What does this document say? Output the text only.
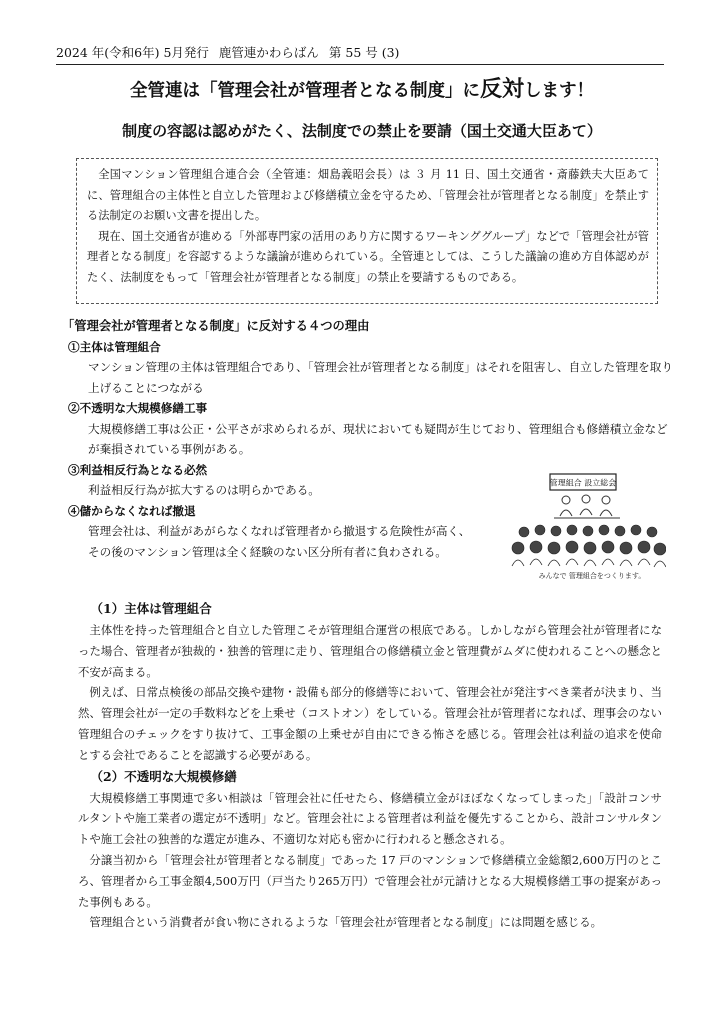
2024 年(令和6年) 5月発行 鹿管連かわらばん 第 55 号 (3)
全管連は「管理会社が管理者となる制度」に反対します！
制度の容認は認めがたく、法制度での禁止を要請（国土交通大臣あて）

全国マンション管理組合連合会（全管連：畑島義昭会長）は ３ 月 11 日、国土交通省・斎藤鉄夫大臣あてに、管理組合の主体性と自立した管理および修繕積立金を守るため、「管理会社が管理者となる制度」を禁止する法制定のお願い文書を提出した。

現在、国土交通省が進める「外部専門家の活用のあり方に関するワーキンググループ」などで「管理会社が管理者となる制度」を容認するような議論が進められている。全管連としては、こうした議論の進め方自体認めがたく、法制度をもって「管理会社が管理者となる制度」の禁止を要請するものである。

「管理会社が管理者となる制度」に反対する４つの理由

①主体は管理組合

マンション管理の主体は管理組合であり、「管理会社が管理者となる制度」はそれを阻害し、自立した管理を取り上げることにつながる

②不透明な大規模修繕工事

大規模修繕工事は公正・公平さが求められるが、現状においても疑問が生じており、管理組合も修繕積立金などが棄損されている事例がある。

③利益相反行為となる必然

利益相反行為が拡大するのは明らかである。

④儲からなくなれば撤退

管理会社は、利益があがらなくなれば管理者から撤退する危険性が高く、その後のマンション管理は全く経験のない区分所有者に負わされる。

管理組合 設立総会
みんなで 管理組合をつくります。

（1）主体は管理組合

主体性を持った管理組合と自立した管理こそが管理組合運営の根底である。しかしながら管理会社が管理者になった場合、管理者が独裁的・独善的管理に走り、管理組合の修繕積立金と管理費がムダに使われることへの懸念と不安が高まる。

例えば、日常点検後の部品交換や建物・設備も部分的修繕等において、管理会社が発注すべき業者が決まり、当然、管理会社が一定の手数料などを上乗せ（コストオン）をしている。管理会社が管理者になれば、理事会のない管理組合のチェックをすり抜けて、工事金額の上乗せが自由にできる怖さを感じる。管理会社は利益の追求を使命とする会社であることを認識する必要がある。

（2）不透明な大規模修繕

大規模修繕工事関連で多い相談は「管理会社に任せたら、修繕積立金がほぼなくなってしまった」「設計コンサルタントや施工業者の選定が不透明」など。管理会社による管理者は利益を優先することから、設計コンサルタントや施工会社の独善的な選定が進み、不適切な対応も密かに行われると懸念される。

分譲当初から「管理会社が管理者となる制度」であった 17 戸のマンションで修繕積立金総額2,600万円のところ、管理者から工事金額4,500万円（戸当たり265万円）で管理会社が元請けとなる大規模修繕工事の提案があった事例もある。

管理組合という消費者が食い物にされるような「管理会社が管理者となる制度」には問題を感じる。
